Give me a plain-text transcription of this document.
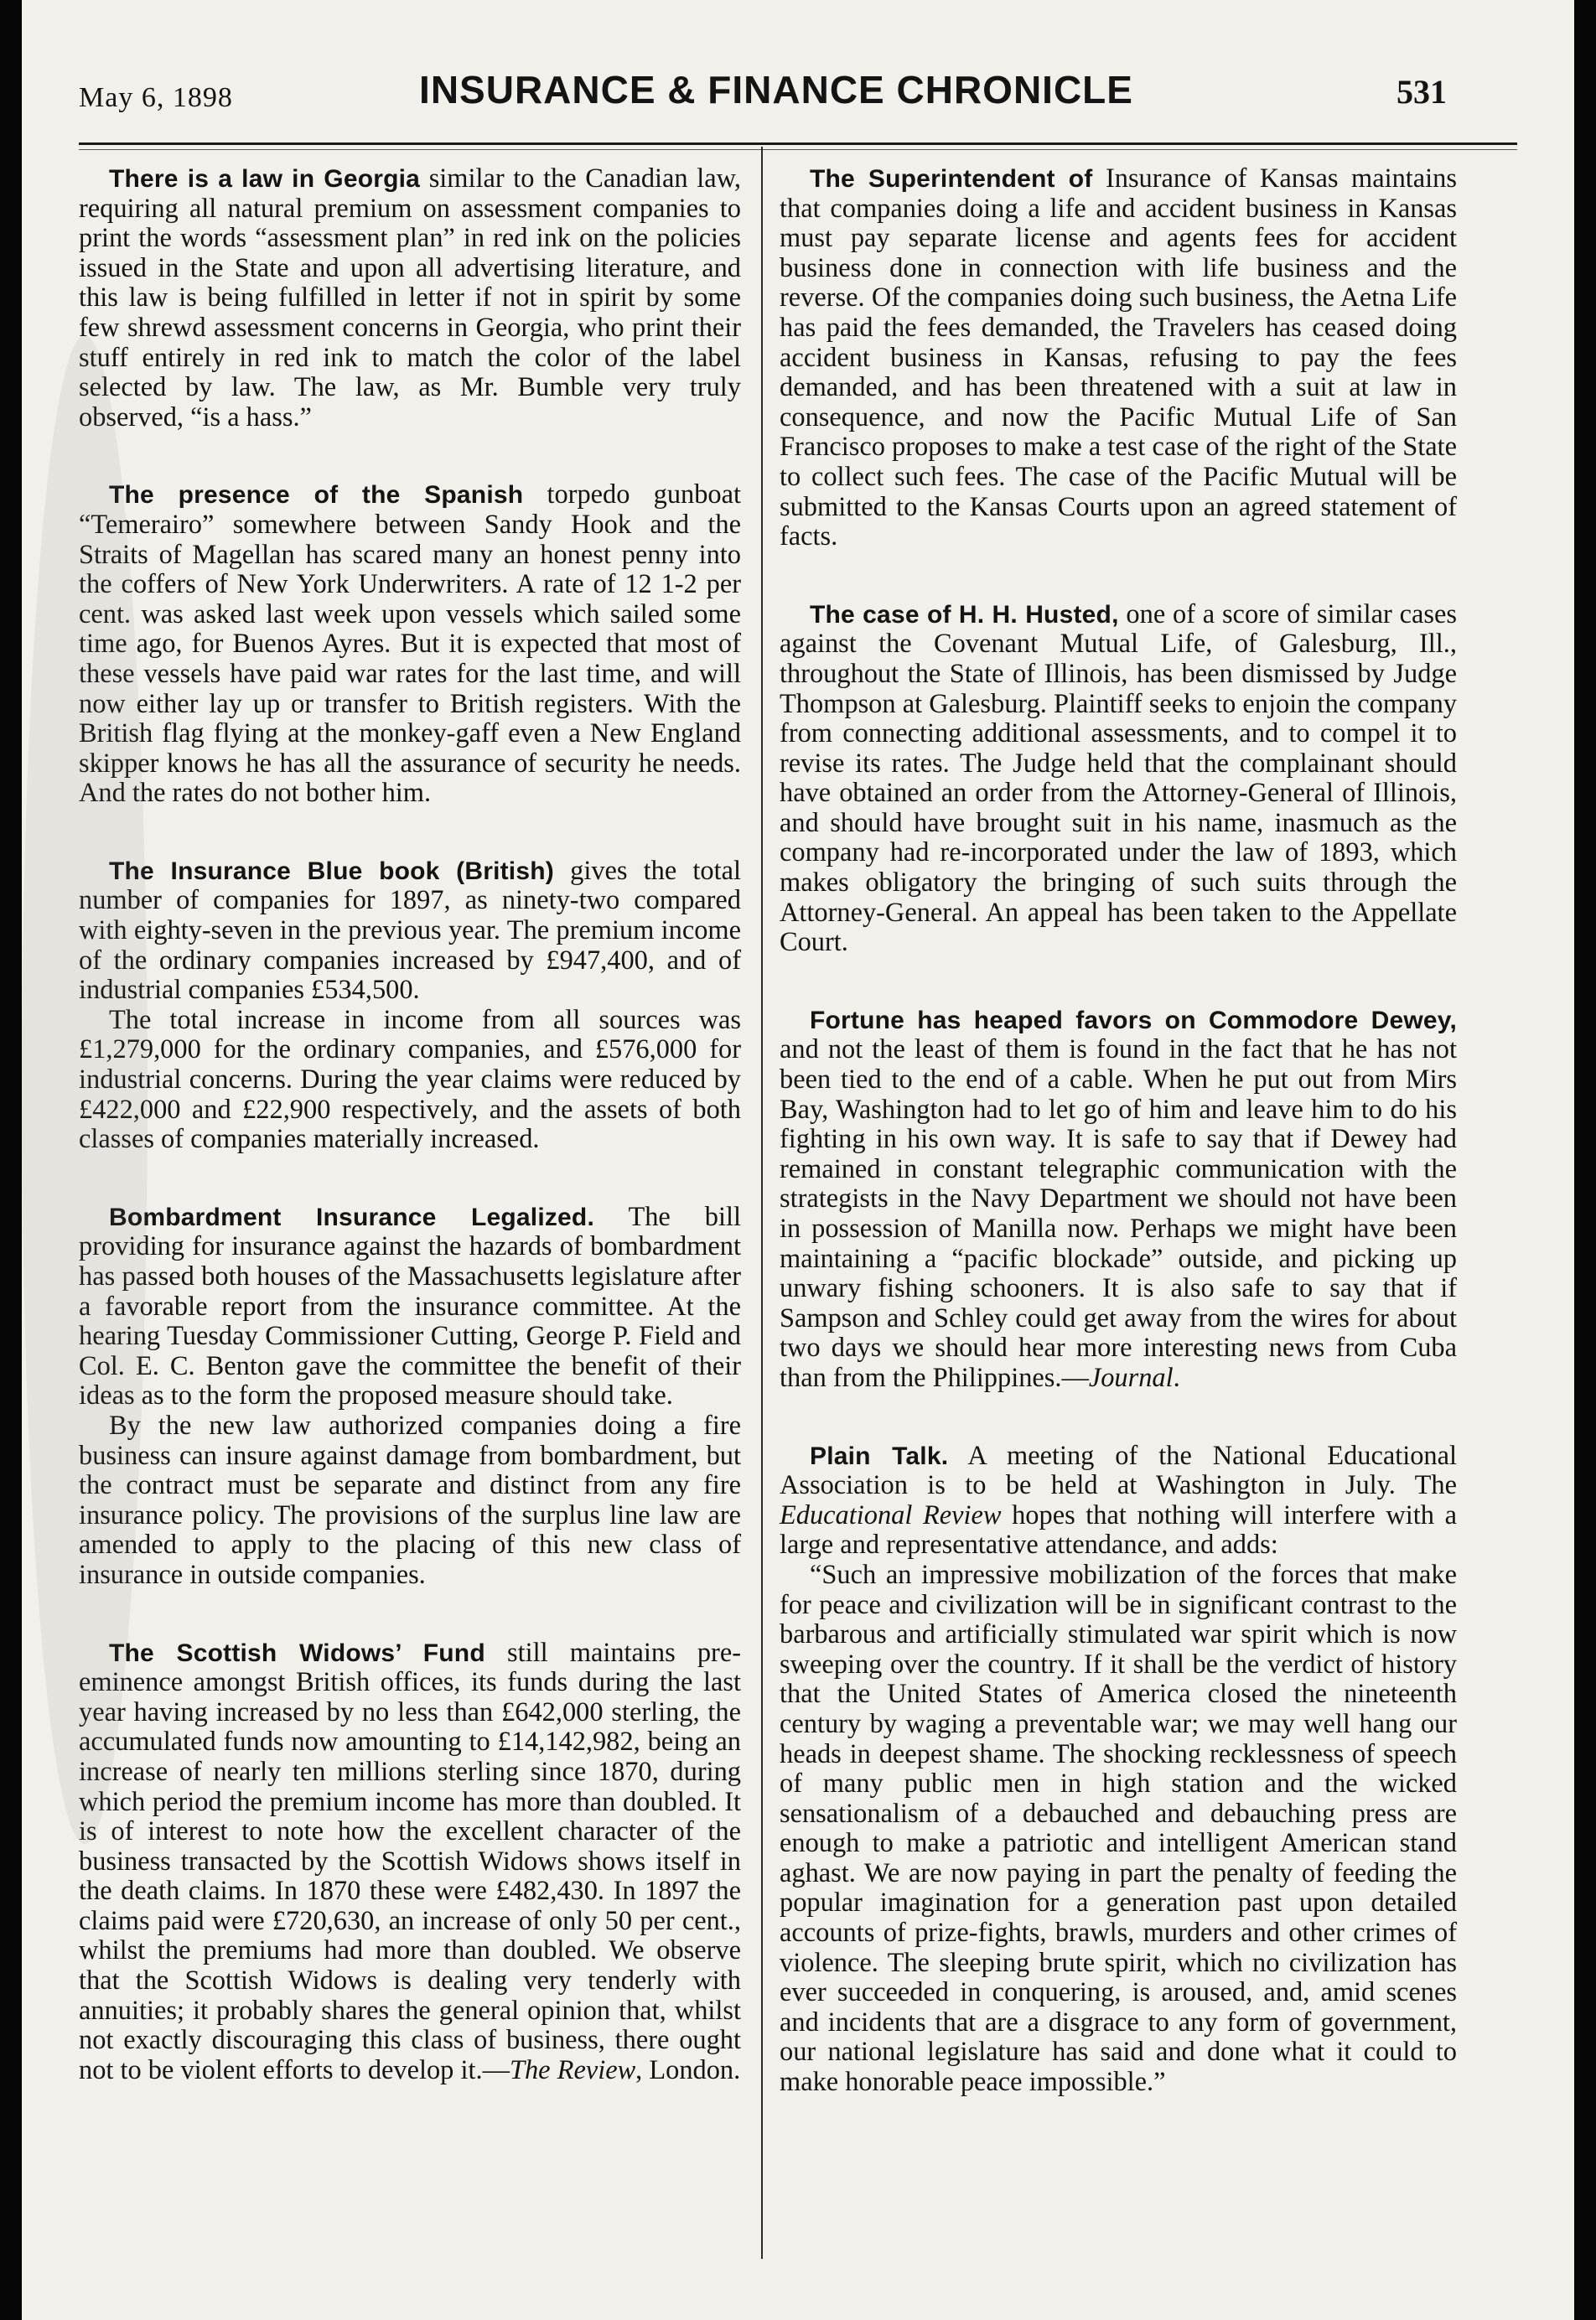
May 6, 1898	INSURANCE & FINANCE CHRONICLE	531

There is a law in Georgia similar to the Canadian law, requiring all natural premium on assessment companies to print the words “assessment plan” in red ink on the policies issued in the State and upon all advertising literature, and this law is being fulfilled in letter if not in spirit by some few shrewd assessment concerns in Georgia, who print their stuff entirely in red ink to match the color of the label selected by law. The law, as Mr. Bumble very truly observed, “is a hass.”

The presence of the Spanish torpedo gunboat “Temerairo” somewhere between Sandy Hook and the Straits of Magellan has scared many an honest penny into the coffers of New York Underwriters. A rate of 12 1-2 per cent. was asked last week upon vessels which sailed some time ago, for Buenos Ayres. But it is expected that most of these vessels have paid war rates for the last time, and will now either lay up or transfer to British registers. With the British flag flying at the monkey-gaff even a New England skipper knows he has all the assurance of security he needs. And the rates do not bother him.

The Insurance Blue book (British) gives the total number of companies for 1897, as ninety-two compared with eighty-seven in the previous year. The premium income of the ordinary companies increased by £947,400, and of industrial companies £534,500.

The total increase in income from all sources was £1,279,000 for the ordinary companies, and £576,000 for industrial concerns. During the year claims were reduced by £422,000 and £22,900 respectively, and the assets of both classes of companies materially increased.

Bombardment Insurance Legalized. The bill providing for insurance against the hazards of bombardment has passed both houses of the Massachusetts legislature after a favorable report from the insurance committee. At the hearing Tuesday Commissioner Cutting, George P. Field and Col. E. C. Benton gave the committee the benefit of their ideas as to the form the proposed measure should take.

By the new law authorized companies doing a fire business can insure against damage from bombardment, but the contract must be separate and distinct from any fire insurance policy. The provisions of the surplus line law are amended to apply to the placing of this new class of insurance in outside companies.

The Scottish Widows’ Fund still maintains pre-eminence amongst British offices, its funds during the last year having increased by no less than £642,000 sterling, the accumulated funds now amounting to £14,142,982, being an increase of nearly ten millions sterling since 1870, during which period the premium income has more than doubled. It is of interest to note how the excellent character of the business transacted by the Scottish Widows shows itself in the death claims. In 1870 these were £482,430. In 1897 the claims paid were £720,630, an increase of only 50 per cent., whilst the premiums had more than doubled. We observe that the Scottish Widows is dealing very tenderly with annuities; it probably shares the general opinion that, whilst not exactly discouraging this class of business, there ought not to be violent efforts to develop it.—The Review, London.

The Superintendent of Insurance of Kansas maintains that companies doing a life and accident business in Kansas must pay separate license and agents fees for accident business done in connection with life business and the reverse. Of the companies doing such business, the Aetna Life has paid the fees demanded, the Travelers has ceased doing accident business in Kansas, refusing to pay the fees demanded, and has been threatened with a suit at law in consequence, and now the Pacific Mutual Life of San Francisco proposes to make a test case of the right of the State to collect such fees. The case of the Pacific Mutual will be submitted to the Kansas Courts upon an agreed statement of facts.

The case of H. H. Husted, one of a score of similar cases against the Covenant Mutual Life, of Galesburg, Ill., throughout the State of Illinois, has been dismissed by Judge Thompson at Galesburg. Plaintiff seeks to enjoin the company from connecting additional assessments, and to compel it to revise its rates. The Judge held that the complainant should have obtained an order from the Attorney-General of Illinois, and should have brought suit in his name, inasmuch as the company had re-incorporated under the law of 1893, which makes obligatory the bringing of such suits through the Attorney-General. An appeal has been taken to the Appellate Court.

Fortune has heaped favors on Commodore Dewey, and not the least of them is found in the fact that he has not been tied to the end of a cable. When he put out from Mirs Bay, Washington had to let go of him and leave him to do his fighting in his own way. It is safe to say that if Dewey had remained in constant telegraphic communication with the strategists in the Navy Department we should not have been in possession of Manilla now. Perhaps we might have been maintaining a “pacific blockade” outside, and picking up unwary fishing schooners. It is also safe to say that if Sampson and Schley could get away from the wires for about two days we should hear more interesting news from Cuba than from the Philippines.—Journal.

Plain Talk. A meeting of the National Educational Association is to be held at Washington in July. The Educational Review hopes that nothing will interfere with a large and representative attendance, and adds:

“Such an impressive mobilization of the forces that make for peace and civilization will be in significant contrast to the barbarous and artificially stimulated war spirit which is now sweeping over the country. If it shall be the verdict of history that the United States of America closed the nineteenth century by waging a preventable war; we may well hang our heads in deepest shame. The shocking recklessness of speech of many public men in high station and the wicked sensationalism of a debauched and debauching press are enough to make a patriotic and intelligent American stand aghast. We are now paying in part the penalty of feeding the popular imagination for a generation past upon detailed accounts of prize-fights, brawls, murders and other crimes of violence. The sleeping brute spirit, which no civilization has ever succeeded in conquering, is aroused, and, amid scenes and incidents that are a disgrace to any form of government, our national legislature has said and done what it could to make honorable peace impossible.”
